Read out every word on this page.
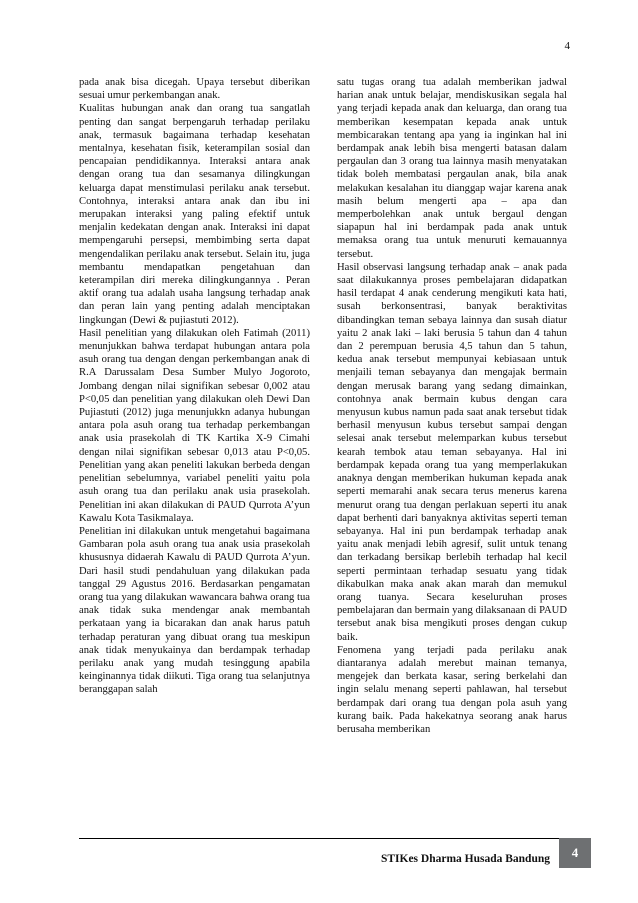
4

pada anak bisa dicegah. Upaya tersebut diberikan sesuai umur perkembangan anak.

Kualitas hubungan anak dan orang tua sangatlah penting dan sangat berpengaruh terhadap perilaku anak, termasuk bagaimana terhadap kesehatan mentalnya, kesehatan fisik, keterampilan sosial dan pencapaian pendidikannya. Interaksi antara anak dengan orang tua dan sesamanya dilingkungan keluarga dapat menstimulasi perilaku anak tersebut. Contohnya, interaksi antara anak dan ibu ini merupakan interaksi yang paling efektif untuk menjalin kedekatan dengan anak. Interaksi ini dapat mempengaruhi persepsi, membimbing serta dapat mengendalikan perilaku anak tersebut. Selain itu, juga membantu mendapatkan pengetahuan dan keterampilan diri mereka dilingkungannya . Peran aktif orang tua adalah usaha langsung terhadap anak dan peran lain yang penting adalah menciptakan lingkungan (Dewi & pujiastuti 2012).

Hasil penelitian yang dilakukan oleh Fatimah (2011) menunjukkan bahwa terdapat hubungan antara pola asuh orang tua dengan dengan perkembangan anak di R.A Darussalam Desa Sumber Mulyo Jogoroto, Jombang dengan nilai signifikan sebesar 0,002 atau P<0,05 dan penelitian yang dilakukan oleh Dewi Dan Pujiastuti (2012) juga menunjukkn adanya hubungan antara pola asuh orang tua terhadap perkembangan anak usia prasekolah di TK Kartika X-9 Cimahi dengan nilai signifikan sebesar 0,013 atau P<0,05. Penelitian yang akan peneliti lakukan berbeda dengan penelitian sebelumnya, variabel peneliti yaitu pola asuh orang tua dan perilaku anak usia prasekolah. Penelitian ini akan dilakukan di PAUD Qurrota A’yun Kawalu Kota Tasikmalaya.

Penelitian ini dilakukan untuk mengetahui bagaimana Gambaran pola asuh orang tua anak usia prasekolah khususnya didaerah Kawalu di PAUD Qurrota A’yun. Dari hasil studi pendahuluan yang dilakukan pada tanggal 29 Agustus 2016. Berdasarkan pengamatan orang tua yang dilakukan wawancara bahwa orang tua anak tidak suka mendengar anak membantah perkataan yang ia bicarakan dan anak harus patuh terhadap peraturan yang dibuat orang tua meskipun anak tidak menyukainya dan berdampak terhadap perilaku anak yang mudah tesinggung apabila keinginannya tidak diikuti. Tiga orang tua selanjutnya beranggapan salah

satu tugas orang tua adalah memberikan jadwal harian anak untuk belajar, mendiskusikan segala hal yang terjadi kepada anak dan keluarga, dan orang tua memberikan kesempatan kepada anak untuk membicarakan tentang apa yang ia inginkan hal ini berdampak anak lebih bisa mengerti batasan dalam pergaulan dan 3 orang tua lainnya masih menyatakan tidak boleh membatasi pergaulan anak, bila anak melakukan kesalahan itu dianggap wajar karena anak masih belum mengerti apa – apa dan memperbolehkan anak untuk bergaul dengan siapapun hal ini berdampak pada anak untuk memaksa orang tua untuk menuruti kemauannya tersebut.

Hasil observasi langsung terhadap anak – anak pada saat dilakukannya proses pembelajaran didapatkan hasil terdapat 4 anak cenderung mengikuti kata hati, susah berkonsentrasi, banyak beraktivitas dibandingkan teman sebaya lainnya dan susah diatur yaitu 2 anak laki – laki berusia 5 tahun dan 4 tahun dan 2 perempuan berusia 4,5 tahun dan 5 tahun, kedua anak tersebut mempunyai kebiasaan untuk menjaili teman sebayanya dan mengajak bermain dengan merusak barang yang sedang dimainkan, contohnya anak bermain kubus dengan cara menyusun kubus namun pada saat anak tersebut tidak berhasil menyusun kubus tersebut sampai dengan selesai anak tersebut melemparkan kubus tersebut kearah tembok atau teman sebayanya. Hal ini berdampak kepada orang tua yang memperlakukan anaknya dengan memberikan hukuman kepada anak seperti memarahi anak secara terus menerus karena menurut orang tua dengan perlakuan seperti itu anak dapat berhenti dari banyaknya aktivitas seperti teman sebayanya. Hal ini pun berdampak terhadap anak yaitu anak menjadi lebih agresif, sulit untuk tenang dan terkadang bersikap berlebih terhadap hal kecil seperti permintaan terhadap sesuatu yang tidak dikabulkan maka anak akan marah dan memukul orang tuanya. Secara keseluruhan proses pembelajaran dan bermain yang dilaksanaan di PAUD tersebut anak bisa mengikuti proses dengan cukup baik.

Fenomena yang terjadi pada perilaku anak diantaranya adalah merebut mainan temanya, mengejek dan berkata kasar, sering berkelahi dan ingin selalu menang seperti pahlawan, hal tersebut berdampak dari orang tua dengan pola asuh yang kurang baik. Pada hakekatnya seorang anak harus berusaha memberikan

STIKes Dharma Husada Bandung	4
